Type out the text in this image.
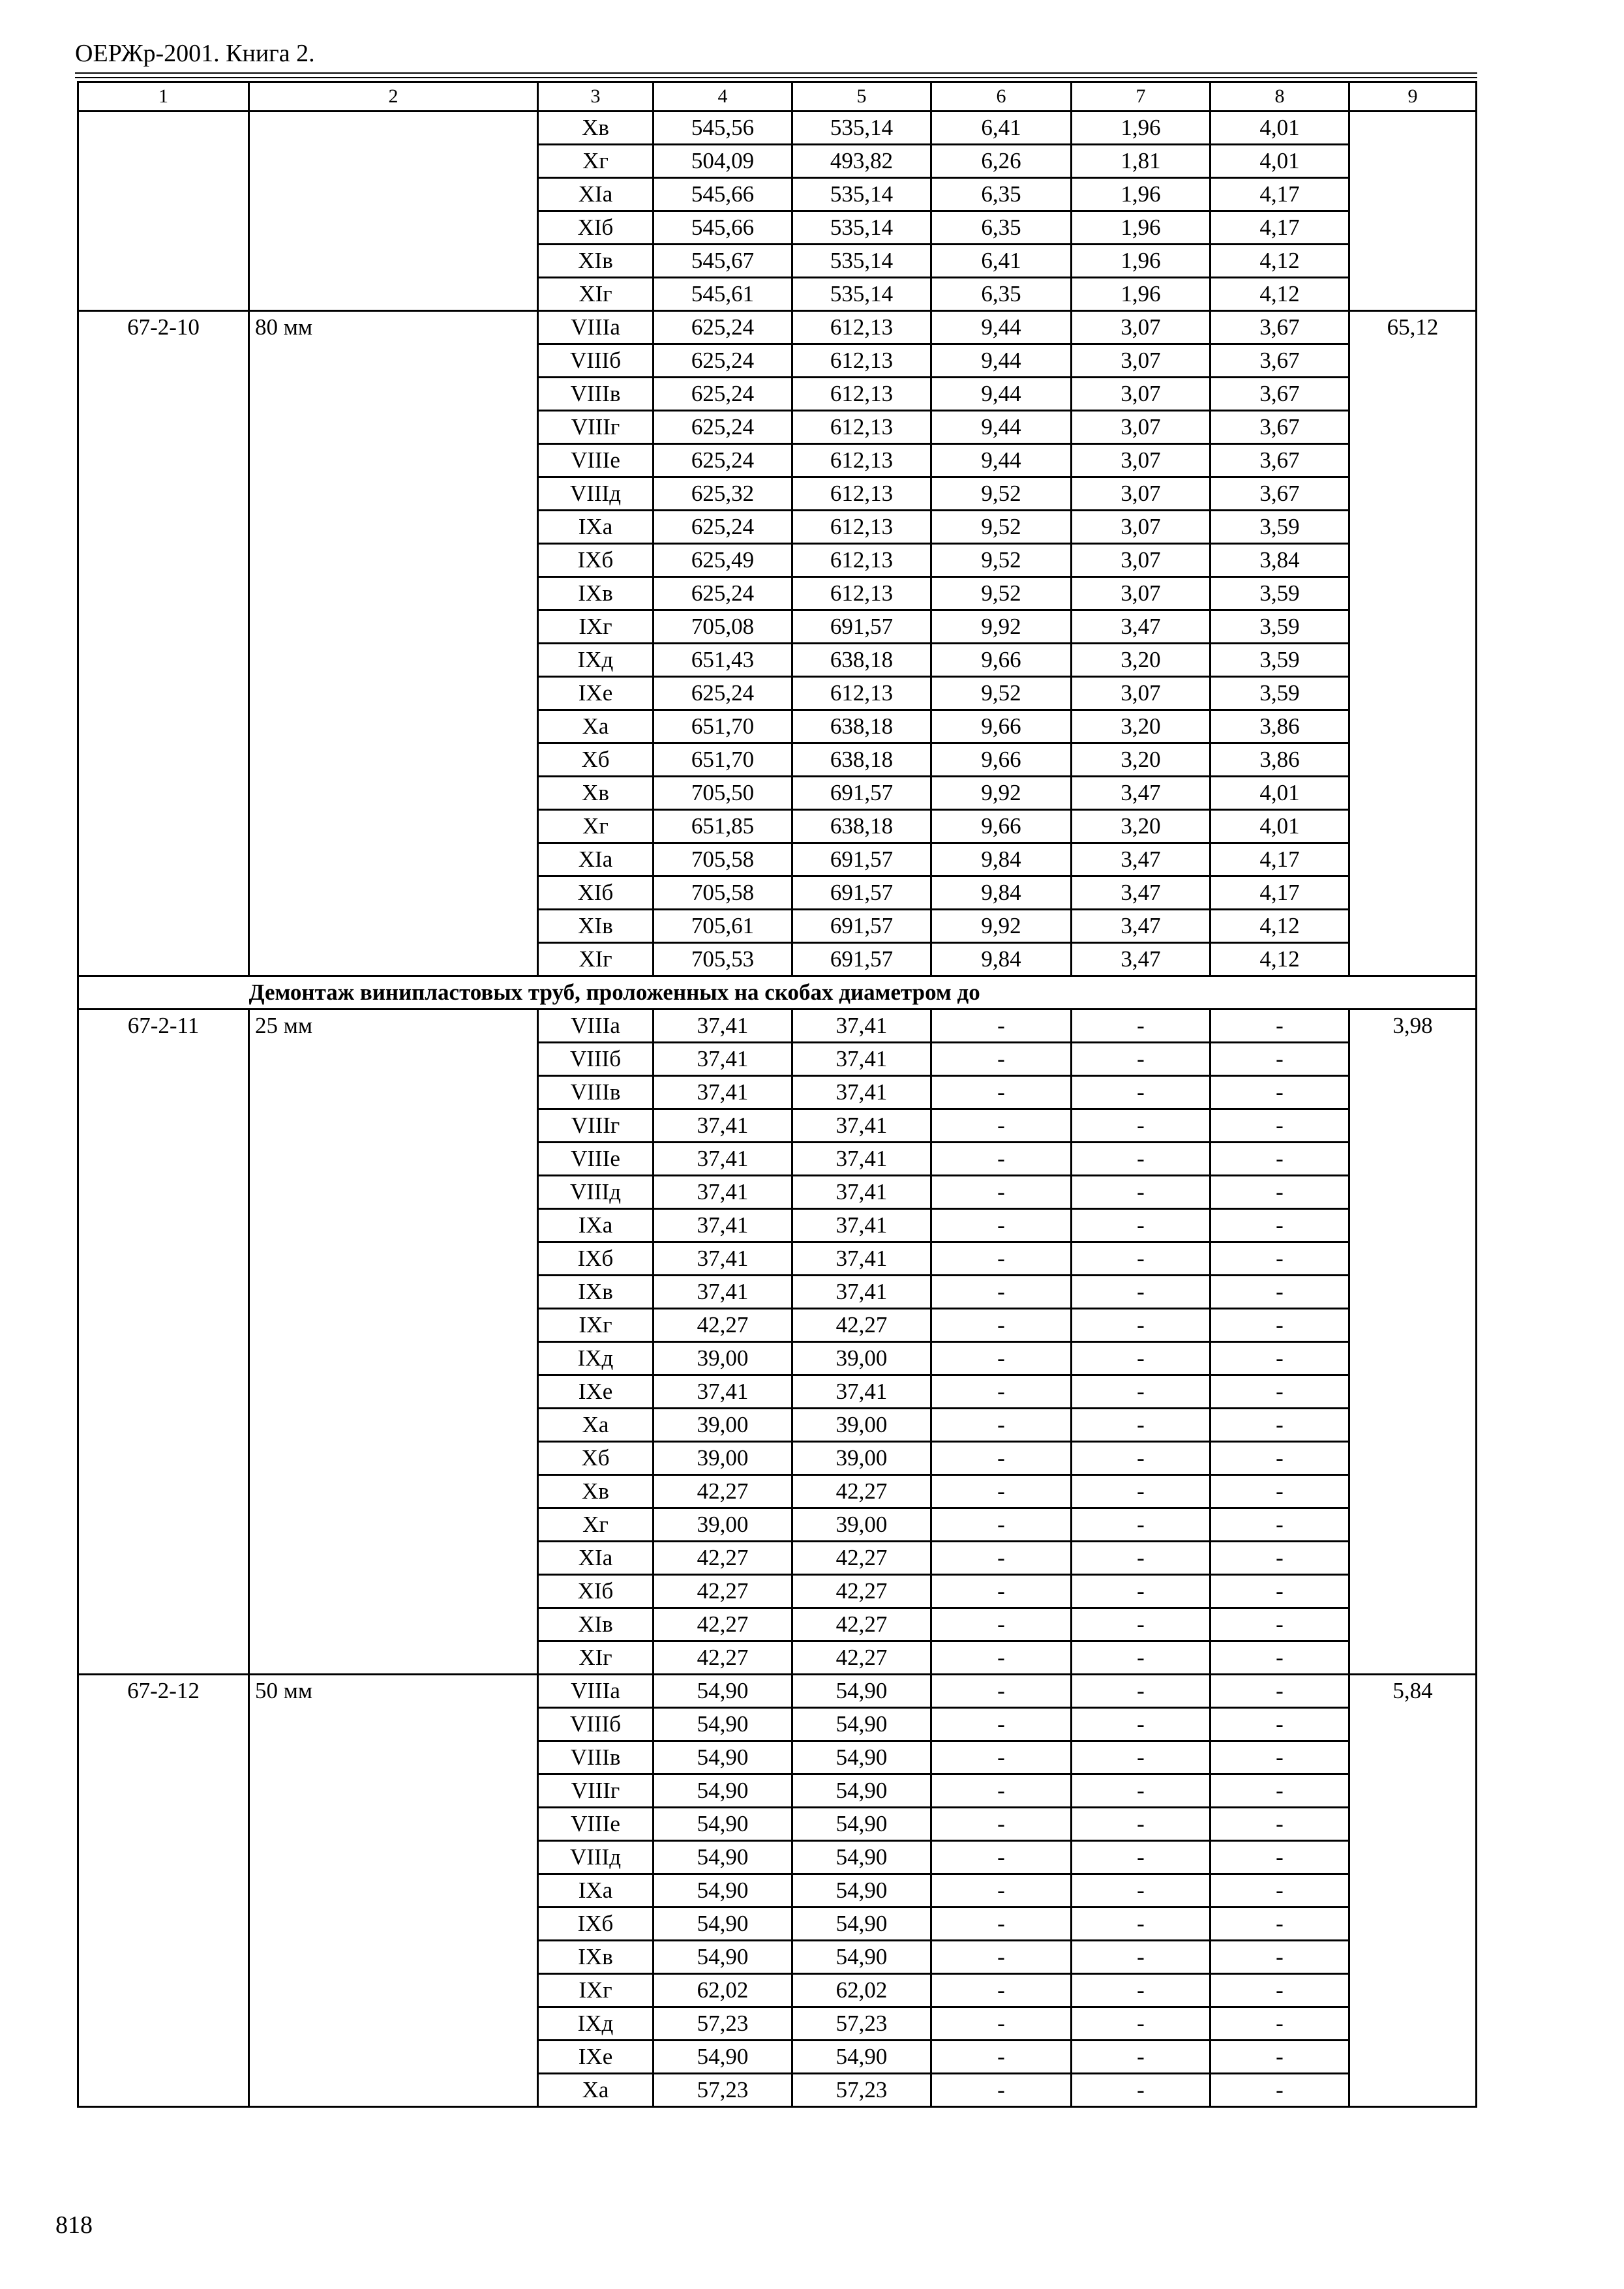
ОЕРЖр-2001. Книга 2.
1	2	3	4	5	6	7	8	9
		Хв	545,56	535,14	6,41	1,96	4,01	
		Хг	504,09	493,82	6,26	1,81	4,01	
		XIа	545,66	535,14	6,35	1,96	4,17	
		XIб	545,66	535,14	6,35	1,96	4,17	
		XIв	545,67	535,14	6,41	1,96	4,12	
		XIг	545,61	535,14	6,35	1,96	4,12	
67-2-10	80 мм	VIIIа	625,24	612,13	9,44	3,07	3,67	65,12
		VIIIб	625,24	612,13	9,44	3,07	3,67	
		VIIIв	625,24	612,13	9,44	3,07	3,67	
		VIIIг	625,24	612,13	9,44	3,07	3,67	
		VIIIе	625,24	612,13	9,44	3,07	3,67	
		VIIIд	625,32	612,13	9,52	3,07	3,67	
		IXа	625,24	612,13	9,52	3,07	3,59	
		IXб	625,49	612,13	9,52	3,07	3,84	
		IXв	625,24	612,13	9,52	3,07	3,59	
		IXг	705,08	691,57	9,92	3,47	3,59	
		IXд	651,43	638,18	9,66	3,20	3,59	
		IXе	625,24	612,13	9,52	3,07	3,59	
		Ха	651,70	638,18	9,66	3,20	3,86	
		Хб	651,70	638,18	9,66	3,20	3,86	
		Хв	705,50	691,57	9,92	3,47	4,01	
		Хг	651,85	638,18	9,66	3,20	4,01	
		XIа	705,58	691,57	9,84	3,47	4,17	
		XIб	705,58	691,57	9,84	3,47	4,17	
		XIв	705,61	691,57	9,92	3,47	4,12	
		XIг	705,53	691,57	9,84	3,47	4,12	
	Демонтаж винипластовых труб, проложенных на скобах диаметром до							
67-2-11	25 мм	VIIIа	37,41	37,41	-	-	-	3,98
		VIIIб	37,41	37,41	-	-	-	
		VIIIв	37,41	37,41	-	-	-	
		VIIIг	37,41	37,41	-	-	-	
		VIIIе	37,41	37,41	-	-	-	
		VIIIд	37,41	37,41	-	-	-	
		IXа	37,41	37,41	-	-	-	
		IXб	37,41	37,41	-	-	-	
		IXв	37,41	37,41	-	-	-	
		IXг	42,27	42,27	-	-	-	
		IXд	39,00	39,00	-	-	-	
		IXе	37,41	37,41	-	-	-	
		Ха	39,00	39,00	-	-	-	
		Хб	39,00	39,00	-	-	-	
		Хв	42,27	42,27	-	-	-	
		Хг	39,00	39,00	-	-	-	
		XIа	42,27	42,27	-	-	-	
		XIб	42,27	42,27	-	-	-	
		XIв	42,27	42,27	-	-	-	
		XIг	42,27	42,27	-	-	-	
67-2-12	50 мм	VIIIа	54,90	54,90	-	-	-	5,84
		VIIIб	54,90	54,90	-	-	-	
		VIIIв	54,90	54,90	-	-	-	
		VIIIг	54,90	54,90	-	-	-	
		VIIIе	54,90	54,90	-	-	-	
		VIIIд	54,90	54,90	-	-	-	
		IXа	54,90	54,90	-	-	-	
		IXб	54,90	54,90	-	-	-	
		IXв	54,90	54,90	-	-	-	
		IXг	62,02	62,02	-	-	-	
		IXд	57,23	57,23	-	-	-	
		IXе	54,90	54,90	-	-	-	
		Ха	57,23	57,23	-	-	-	
818
